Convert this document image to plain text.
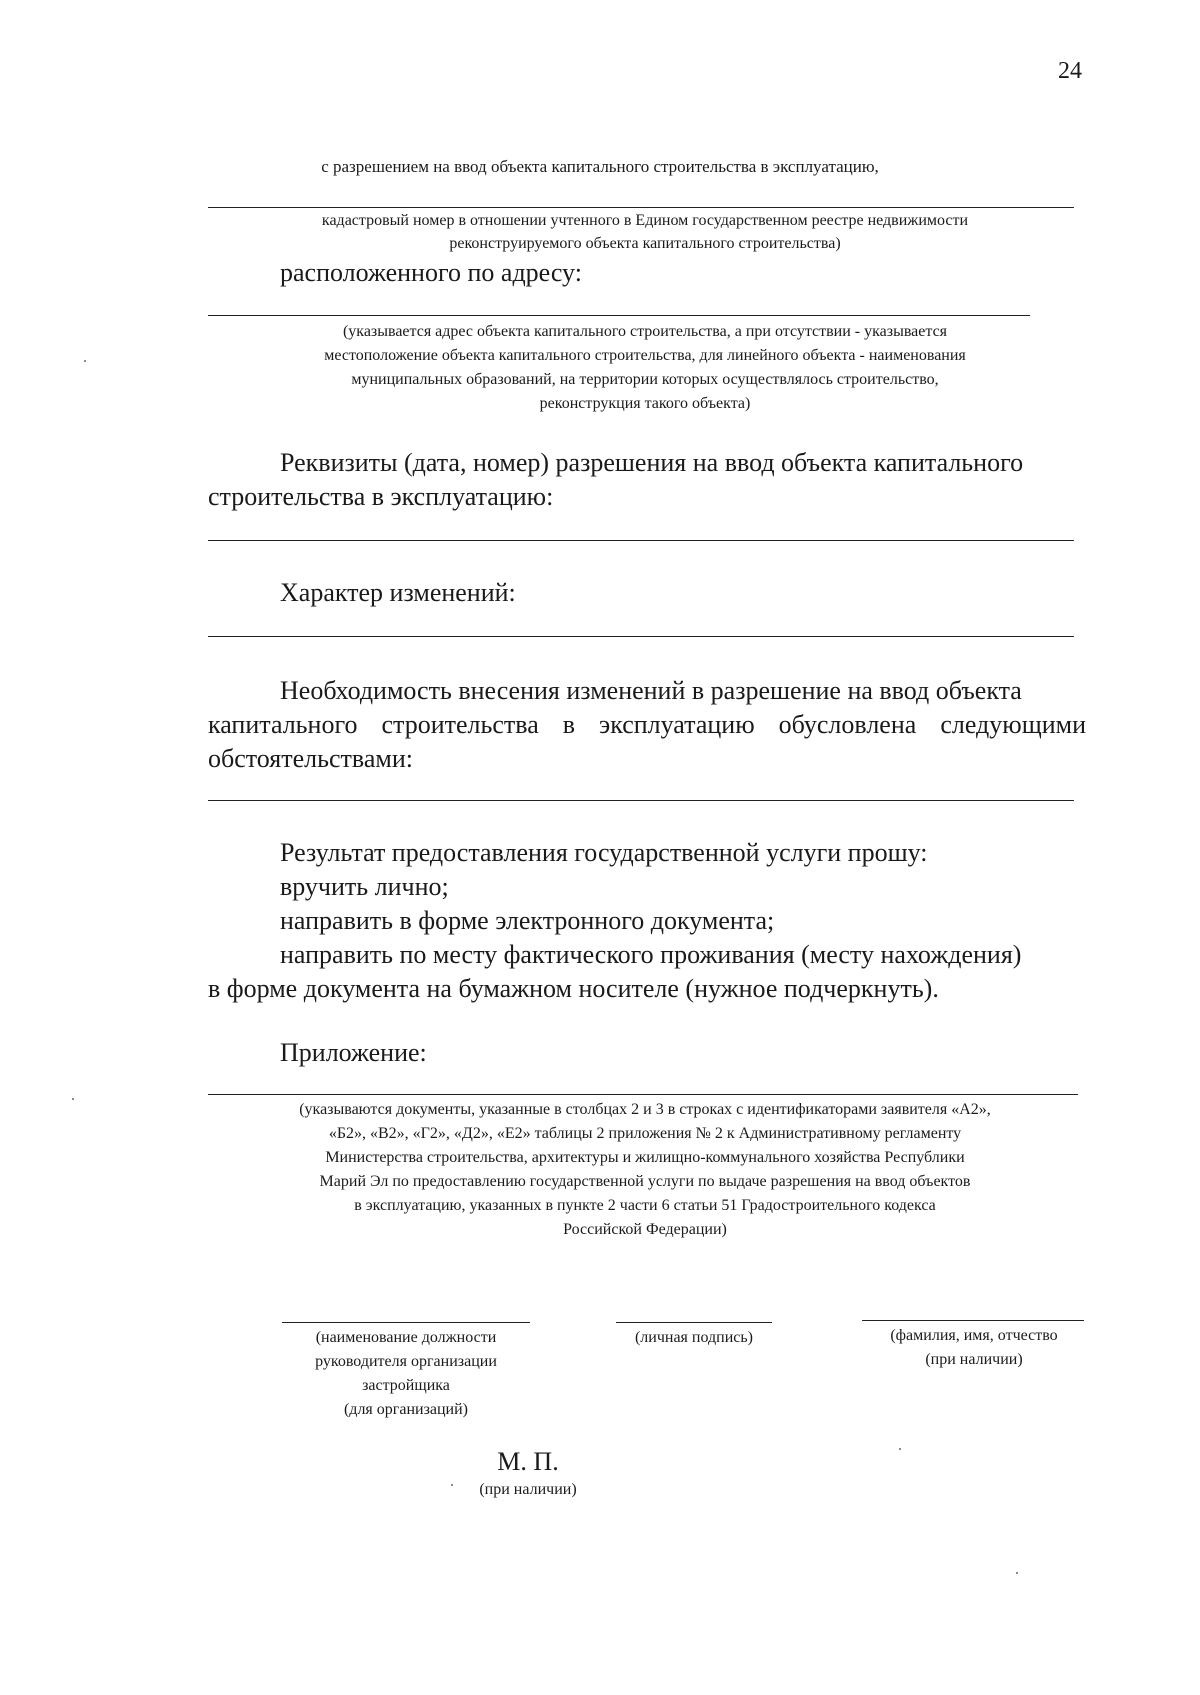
24
с разрешением на ввод объекта капитального строительства в эксплуатацию,
кадастровый номер в отношении учтенного в Едином государственном реестре недвижимости
реконструируемого объекта капитального строительства)
расположенного по адресу:
(указывается адрес объекта капитального строительства, а при отсутствии - указывается
местоположение объекта капитального строительства, для линейного объекта - наименования
муниципальных образований, на территории которых осуществлялось строительство,
реконструкция такого объекта)
Реквизиты (дата, номер) разрешения на ввод объекта капитального
строительства в эксплуатацию:
Характер изменений:
Необходимость внесения изменений в разрешение на ввод объекта
капитального строительства в эксплуатацию обусловлена следующими
обстоятельствами:
Результат предоставления государственной услуги прошу:
вручить лично;
направить в форме электронного документа;
направить по месту фактического проживания (месту нахождения)
в форме документа на бумажном носителе (нужное подчеркнуть).
Приложение:
(указываются документы, указанные в столбцах 2 и 3 в строках с идентификаторами заявителя «А2»,
«Б2», «В2», «Г2», «Д2», «Е2» таблицы 2 приложения № 2 к Административному регламенту
Министерства строительства, архитектуры и жилищно-коммунального хозяйства Республики
Марий Эл по предоставлению государственной услуги по выдаче разрешения на ввод объектов
в эксплуатацию, указанных в пункте 2 части 6 статьи 51 Градостроительного кодекса
Российской Федерации)
(наименование должности
руководителя организации
застройщика
(для организаций)
(личная подпись)	(фамилия, имя, отчество
(при наличии)
М. П.
(при наличии)
